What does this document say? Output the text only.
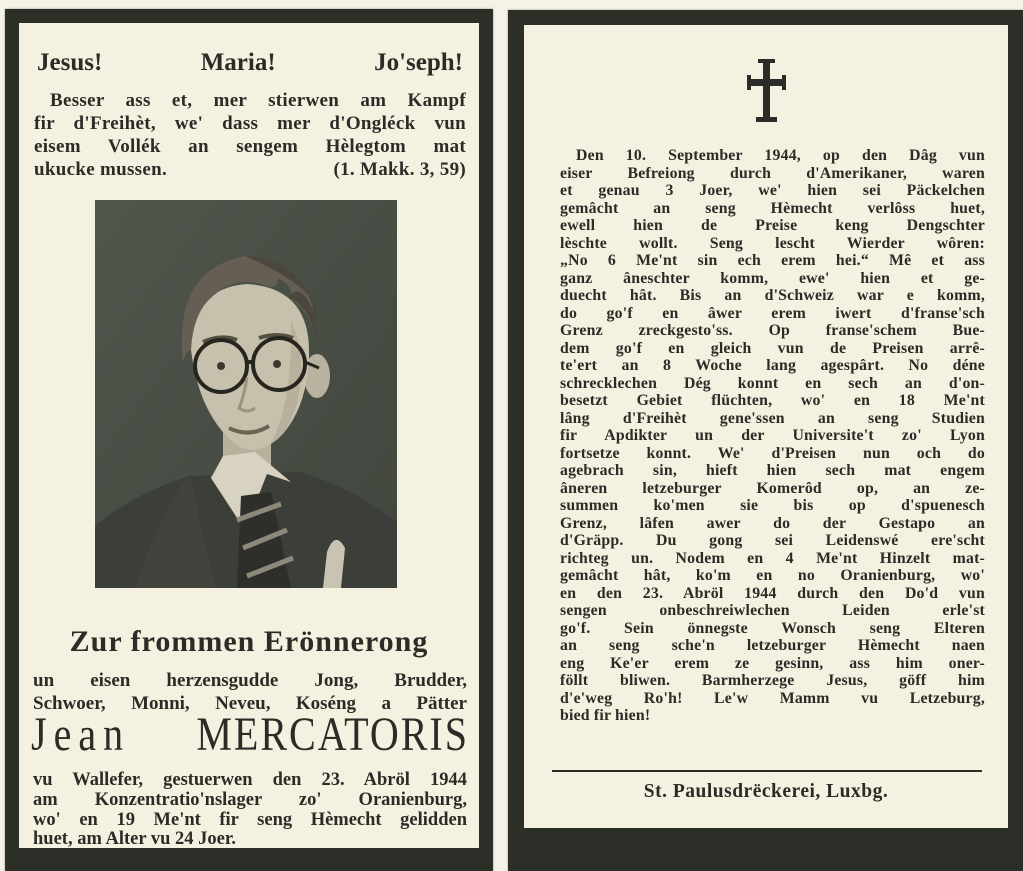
Jesus!	Maria!	Jo'seph!
Besser ass et, mer stierwen am Kampf
fir d'Freihèt, we' dass mer d'Ongléck vun
eisem Vollék an sengem Hèlegtom mat
ukucke mussen.	(1. Makk. 3, 59)
Zur frommen Erönnerong
un eisen herzensgudde Jong, Brudder,
Schwoer, Monni, Neveu, Koséng a Pätter
Jean MERCATORIS
vu Wallefer, gestuerwen den 23. Abröl 1944
am Konzentratio'nslager zo' Oranienburg,
wo' en 19 Me'nt fir seng Hèmecht gelidden
huet, am Alter vu 24 Joer.
Den 10. September 1944, op den Dâg vun
eiser Befreiong durch d'Amerikaner, waren
et genau 3 Joer, we' hien sei Päckelchen
gemâcht an seng Hèmecht verlôss huet,
ewell hien de Preise keng Dengschter
lèschte wollt. Seng lescht Wierder wôren:
„No 6 Me'nt sin ech erem hei.“ Mê et ass
ganz âneschter komm, ewe' hien et ge-
duecht hât. Bis an d'Schweiz war e komm,
do go'f en âwer erem iwert d'franse'sch
Grenz zreckgesto'ss. Op franse'schem Bue-
dem go'f en gleich vun de Preisen arrê-
te'ert an 8 Woche lang agespârt. No déne
schrecklechen Dég konnt en sech an d'on-
besetzt Gebiet flüchten, wo' en 18 Me'nt
lâng d'Freihèt gene'ssen an seng Studien
fir Apdikter un der Universite't zo' Lyon
fortsetze konnt. We' d'Preisen nun och do
agebrach sin, hieft hien sech mat engem
âneren letzeburger Komerôd op, an ze-
summen ko'men sie bis op d'spuenesch
Grenz, lâfen awer do der Gestapo an
d'Gräpp. Du gong sei Leidenswé ere'scht
richteg un. Nodem en 4 Me'nt Hinzelt mat-
gemâcht hât, ko'm en no Oranienburg, wo'
en den 23. Abröl 1944 durch den Do'd vun
sengen onbeschreiwlechen Leiden erle'st
go'f. Sein önnegste Wonsch seng Elteren
an seng sche'n letzeburger Hèmecht naen
eng Ke'er erem ze gesinn, ass him oner-
föllt bliwen. Barmherzege Jesus, göff him
d'e'weg Ro'h! Le'w Mamm vu Letzeburg,
bied fir hien!
St. Paulusdrëckerei, Luxbg.
